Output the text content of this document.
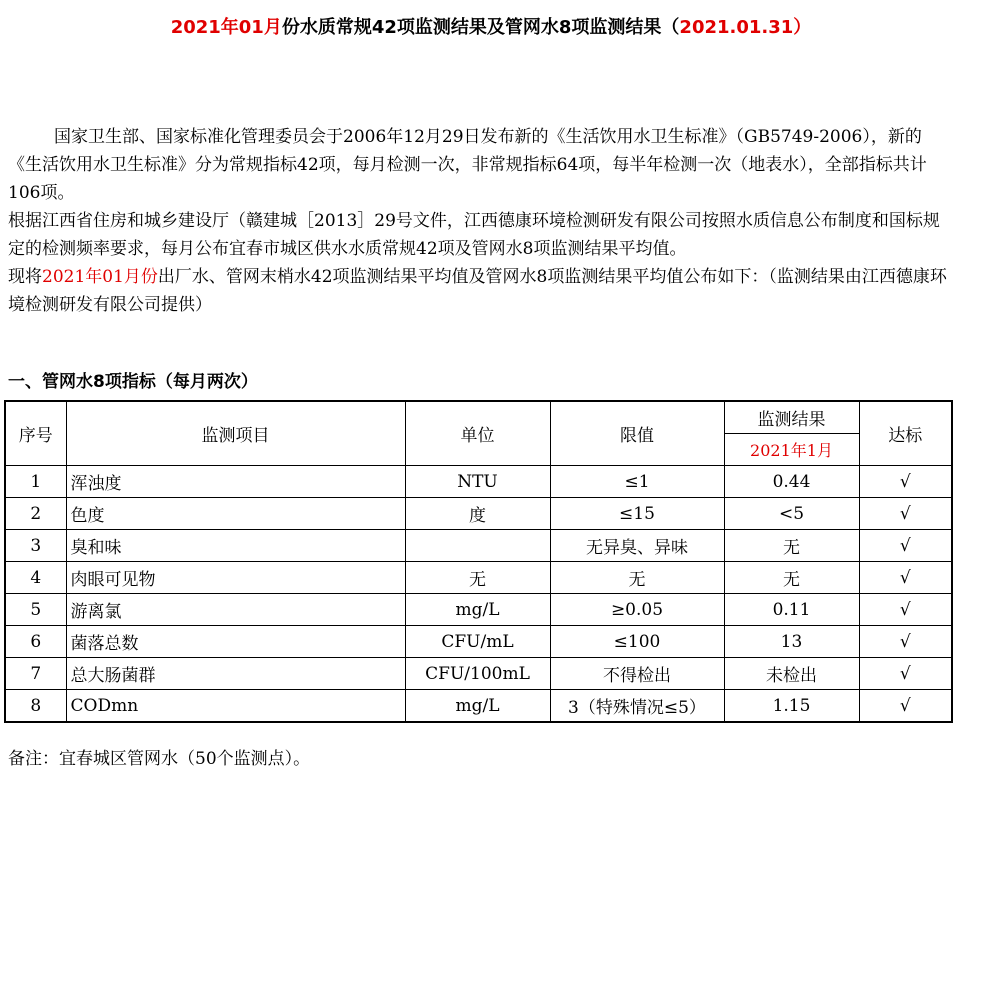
2021年01月份水质常规42项监测结果及管网水8项监测结果（2021.01.31）

国家卫生部、国家标准化管理委员会于2006年12月29日发布新的《生活饮用水卫生标准》（GB5749-2006），新的《生活饮用水卫生标准》分为常规指标42项，每月检测一次，非常规指标64项，每半年检测一次（地表水），全部指标共计106项。

根据江西省住房和城乡建设厅（赣建城［2013］29号文件，江西德康环境检测研发有限公司按照水质信息公布制度和国标规定的检测频率要求，每月公布宜春市城区供水水质常规42项及管网水8项监测结果平均值。

现将2021年01月份出厂水、管网末梢水42项监测结果平均值及管网水8项监测结果平均值公布如下：（监测结果由江西德康环境检测研发有限公司提供）

一、管网水8项指标（每月两次）
序号	监测项目	单位	限值	监测结果	达标
				2021年1月	
1	浑浊度	NTU	≤1	0.44	√
2	色度	度	≤15	<5	√
3	臭和味		无异臭、异味	无	√
4	肉眼可见物	无	无	无	√
5	游离氯	mg/L	≥0.05	0.11	√
6	菌落总数	CFU/mL	≤100	13	√
7	总大肠菌群	CFU/100mL	不得检出	未检出	√
8	CODmn	mg/L	3（特殊情况≤5）	1.15	√
备注：宜春城区管网水（50个监测点）。
